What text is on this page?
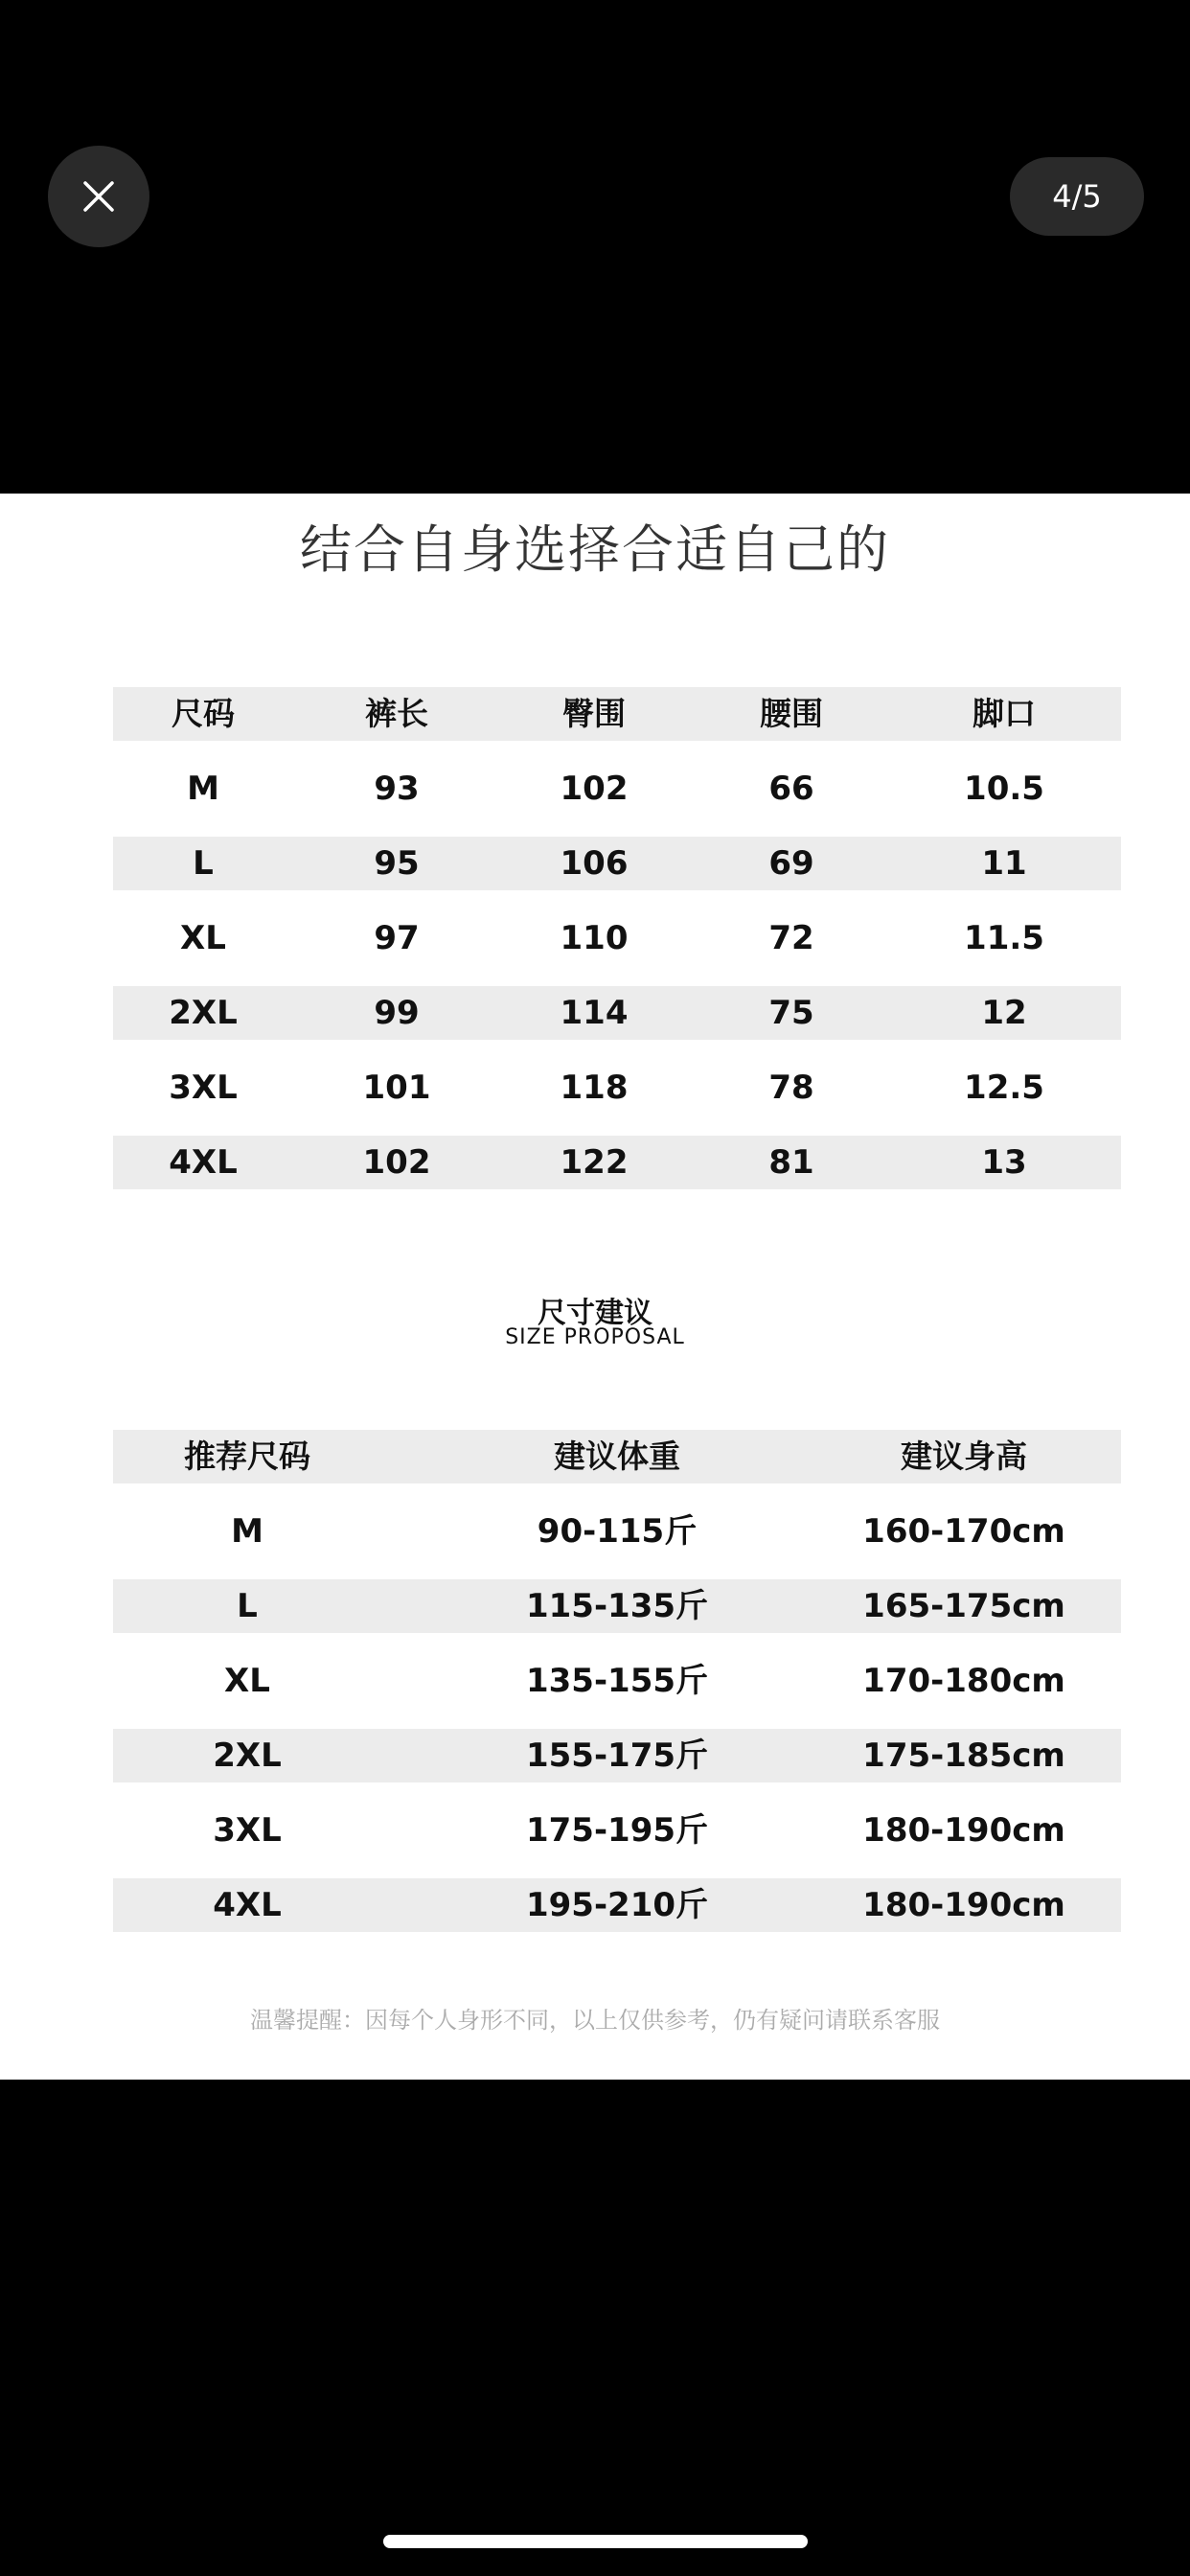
4/5
结合自身选择合适自己的
尺码	裤长	臀围	腰围	脚口
M	93	102	66	10.5
L	95	106	69	11
XL	97	110	72	11.5
2XL	99	114	75	12
3XL	101	118	78	12.5
4XL	102	122	81	13
尺寸建议
SIZE PROPOSAL
推荐尺码	建议体重	建议身高
M	90-115斤	160-170cm
L	115-135斤	165-175cm
XL	135-155斤	170-180cm
2XL	155-175斤	175-185cm
3XL	175-195斤	180-190cm
4XL	195-210斤	180-190cm
温馨提醒：因每个人身形不同，以上仅供参考，仍有疑问请联系客服
